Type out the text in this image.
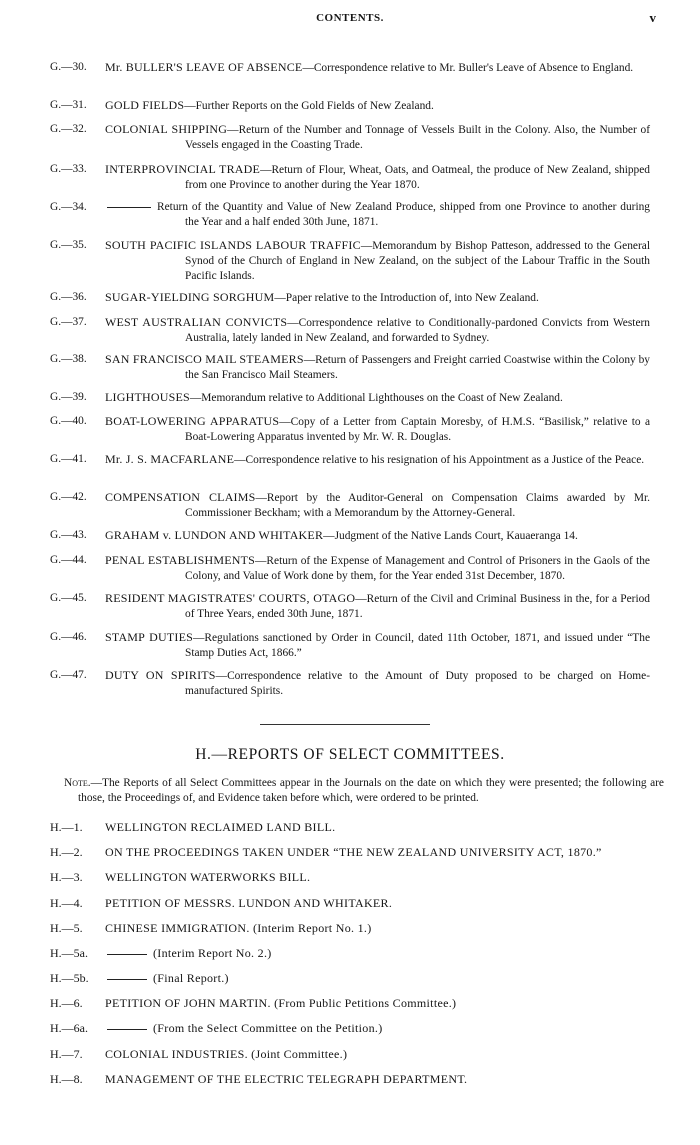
CONTENTS.	v
G.—30.	Mr. BULLER'S LEAVE OF ABSENCE—Correspondence relative to Mr. Buller's Leave of Absence to England.
G.—31.	GOLD FIELDS—Further Reports on the Gold Fields of New Zealand.
G.—32.	COLONIAL SHIPPING—Return of the Number and Tonnage of Vessels Built in the Colony. Also, the Number of Vessels engaged in the Coasting Trade.
G.—33.	INTERPROVINCIAL TRADE—Return of Flour, Wheat, Oats, and Oatmeal, the produce of New Zealand, shipped from one Province to another during the Year 1870.
G.—34.	Return of the Quantity and Value of New Zealand Produce, shipped from one Province to another during the Year and a half ended 30th June, 1871.
G.—35.	SOUTH PACIFIC ISLANDS LABOUR TRAFFIC—Memorandum by Bishop Patteson, addressed to the General Synod of the Church of England in New Zealand, on the subject of the Labour Traffic in the South Pacific Islands.
G.—36.	SUGAR-YIELDING SORGHUM—Paper relative to the Introduction of, into New Zealand.
G.—37.	WEST AUSTRALIAN CONVICTS—Correspondence relative to Conditionally-pardoned Convicts from Western Australia, lately landed in New Zealand, and forwarded to Sydney.
G.—38.	SAN FRANCISCO MAIL STEAMERS—Return of Passengers and Freight carried Coastwise within the Colony by the San Francisco Mail Steamers.
G.—39.	LIGHTHOUSES—Memorandum relative to Additional Lighthouses on the Coast of New Zealand.
G.—40.	BOAT-LOWERING APPARATUS—Copy of a Letter from Captain Moresby, of H.M.S. “Basilisk,” relative to a Boat-Lowering Apparatus invented by Mr. W. R. Douglas.
G.—41.	Mr. J. S. MACFARLANE—Correspondence relative to his resignation of his Appointment as a Justice of the Peace.
G.—42.	COMPENSATION CLAIMS—Report by the Auditor-General on Compensation Claims awarded by Mr. Commissioner Beckham; with a Memorandum by the Attorney-General.
G.—43.	GRAHAM v. LUNDON AND WHITAKER—Judgment of the Native Lands Court, Kauaeranga 14.
G.—44.	PENAL ESTABLISHMENTS—Return of the Expense of Management and Control of Prisoners in the Gaols of the Colony, and Value of Work done by them, for the Year ended 31st December, 1870.
G.—45.	RESIDENT MAGISTRATES' COURTS, OTAGO—Return of the Civil and Criminal Business in the, for a Period of Three Years, ended 30th June, 1871.
G.—46.	STAMP DUTIES—Regulations sanctioned by Order in Council, dated 11th October, 1871, and issued under “The Stamp Duties Act, 1866.”
G.—47.	DUTY ON SPIRITS—Correspondence relative to the Amount of Duty proposed to be charged on Home-manufactured Spirits.
H.—REPORTS OF SELECT COMMITTEES.
Note.—The Reports of all Select Committees appear in the Journals on the date on which they were presented; the following are those, the Proceedings of, and Evidence taken before which, were ordered to be printed.
H.—1.	WELLINGTON RECLAIMED LAND BILL.
H.—2.	ON THE PROCEEDINGS TAKEN UNDER “THE NEW ZEALAND UNIVERSITY ACT, 1870.”
H.—3.	WELLINGTON WATERWORKS BILL.
H.—4.	PETITION OF MESSRS. LUNDON AND WHITAKER.
H.—5.	CHINESE IMMIGRATION. (Interim Report No. 1.)
H.—5a.	(Interim Report No. 2.)
H.—5b.	(Final Report.)
H.—6.	PETITION OF JOHN MARTIN. (From Public Petitions Committee.)
H.—6a.	(From the Select Committee on the Petition.)
H.—7.	COLONIAL INDUSTRIES. (Joint Committee.)
H.—8.	MANAGEMENT OF THE ELECTRIC TELEGRAPH DEPARTMENT.
